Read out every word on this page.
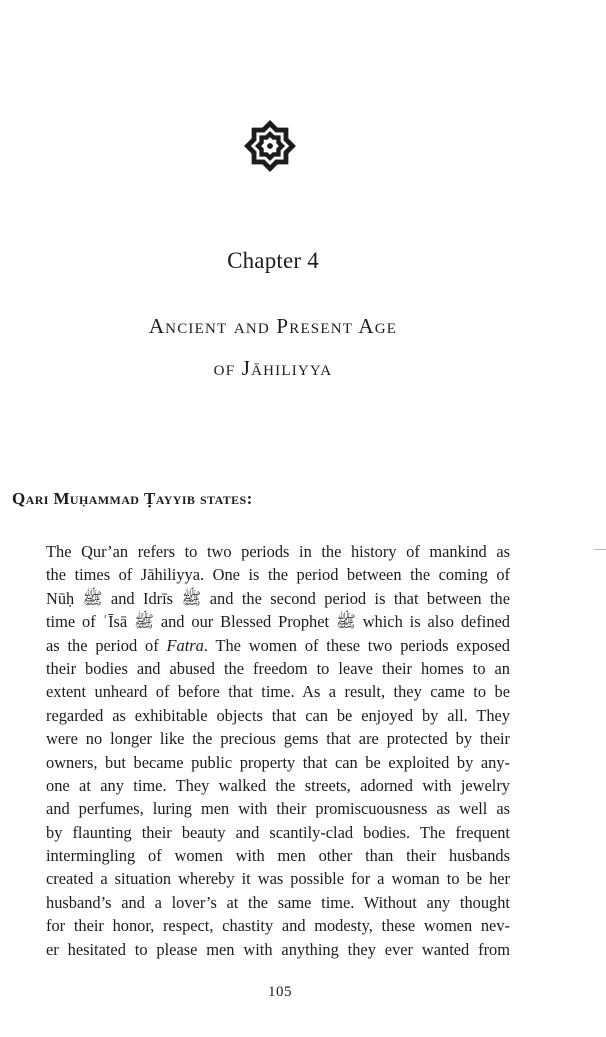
Chapter 4
Ancient and Present Age
of Jāhiliyya
Qari Muḥammad Ṭayyib states:
The Qur’an refers to two periods in the history of mankind as
the times of Jāhiliyya. One is the period between the coming of
Nūḥ ﷺ and Idrīs ﷺ and the second period is that between the
time of ʿĪsā ﷺ and our Blessed Prophet ﷺ which is also defined
as the period of Fatra. The women of these two periods exposed
their bodies and abused the freedom to leave their homes to an
extent unheard of before that time. As a result, they came to be
regarded as exhibitable objects that can be enjoyed by all. They
were no longer like the precious gems that are protected by their
owners, but became public property that can be exploited by any-
one at any time. They walked the streets, adorned with jewelry
and perfumes, luring men with their promiscuousness as well as
by flaunting their beauty and scantily-clad bodies. The frequent
intermingling of women with men other than their husbands
created a situation whereby it was possible for a woman to be her
husband’s and a lover’s at the same time. Without any thought
for their honor, respect, chastity and modesty, these women nev-
er hesitated to please men with anything they ever wanted from
105
